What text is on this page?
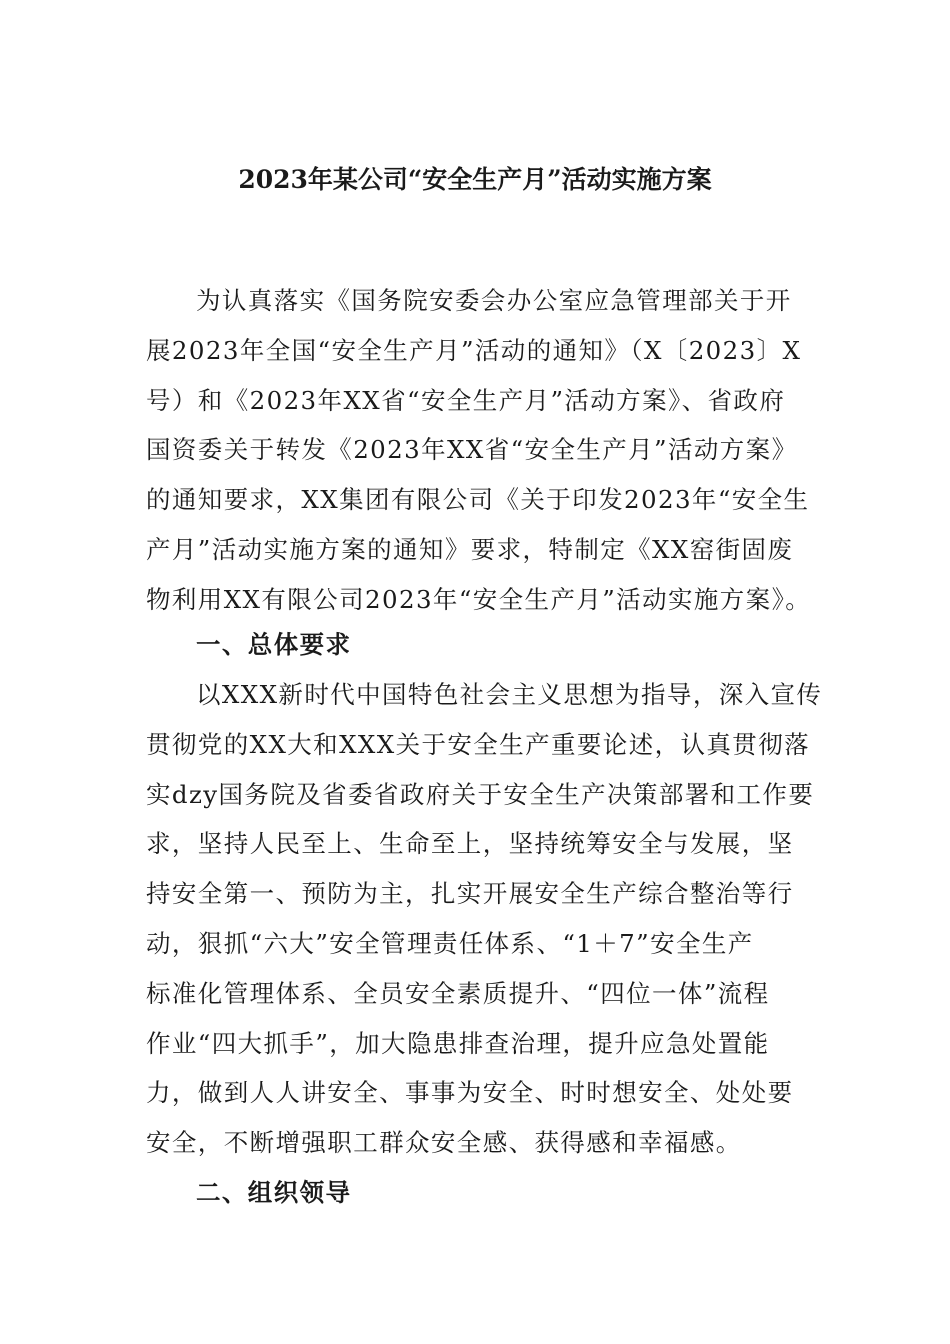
2023年某公司“安全生产月”活动实施方案
为认真落实《国务院安委会办公室应急管理部关于开
展2023年全国“安全生产月”活动的通知》（X〔2023〕X
号）和《2023年XX省“安全生产月”活动方案》、省政府
国资委关于转发《2023年XX省“安全生产月”活动方案》
的通知要求，XX集团有限公司《关于印发2023年“安全生
产月”活动实施方案的通知》要求，特制定《XX窑街固废
物利用XX有限公司2023年“安全生产月”活动实施方案》。
一、总体要求
以XXX新时代中国特色社会主义思想为指导，深入宣传
贯彻党的XX大和XXX关于安全生产重要论述，认真贯彻落
实dzy国务院及省委省政府关于安全生产决策部署和工作要
求，坚持人民至上、生命至上，坚持统筹安全与发展，坚
持安全第一、预防为主，扎实开展安全生产综合整治等行
动，狠抓“六大”安全管理责任体系、“1＋7”安全生产
标准化管理体系、全员安全素质提升、“四位一体”流程
作业“四大抓手”，加大隐患排查治理，提升应急处置能
力，做到人人讲安全、事事为安全、时时想安全、处处要
安全，不断增强职工群众安全感、获得感和幸福感。
二、组织领导
